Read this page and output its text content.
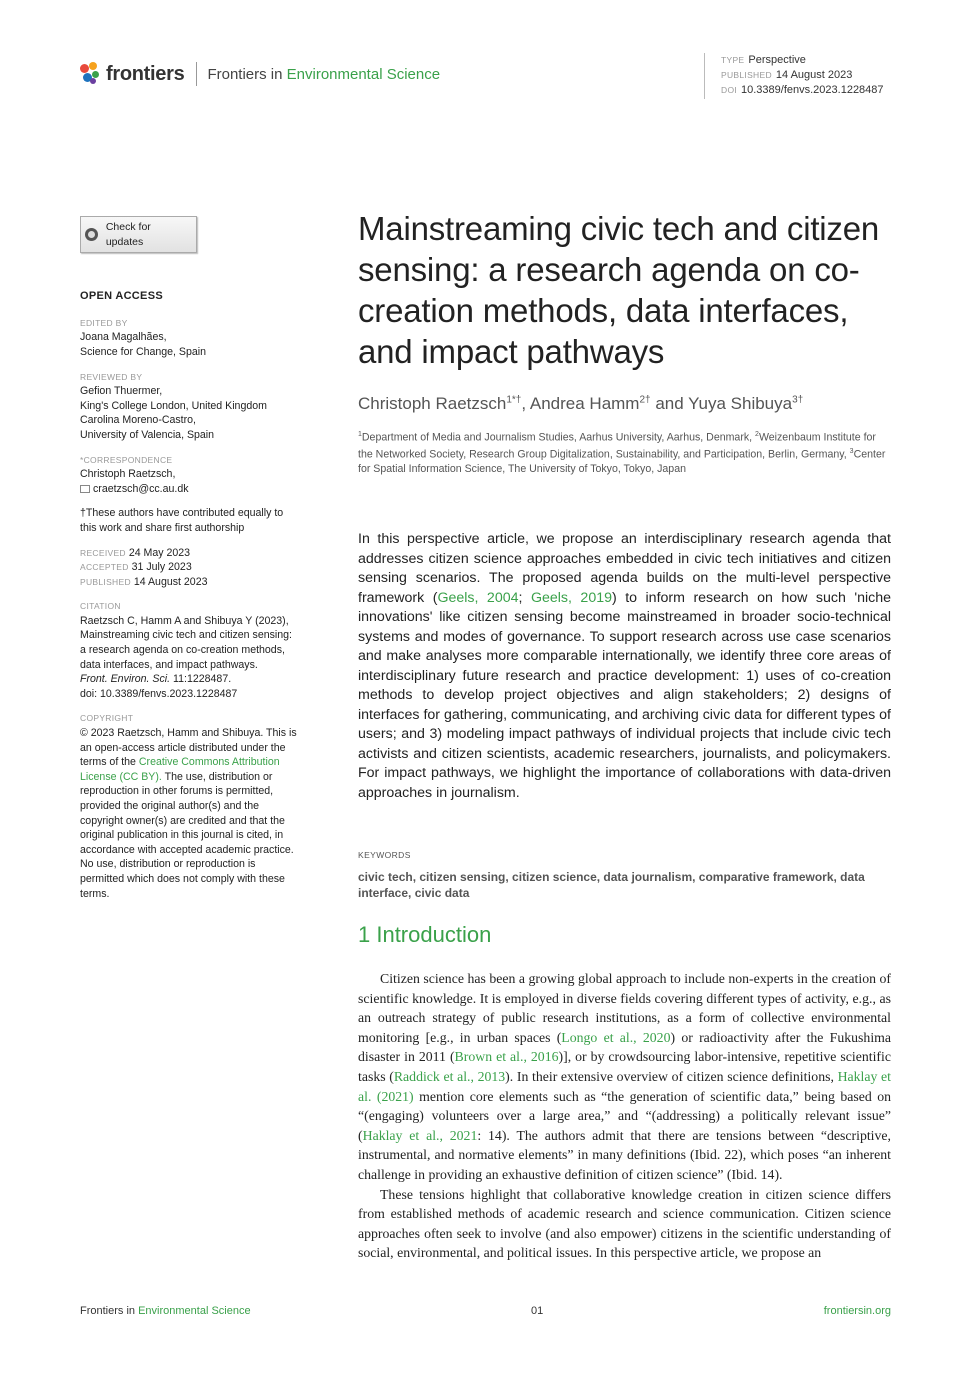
frontiers Frontiers in Environmental Science
TYPE Perspective
PUBLISHED 14 August 2023
DOI 10.3389/fenvs.2023.1228487
Check for updates
OPEN ACCESS
EDITED BY
Joana Magalhães,
Science for Change, Spain
REVIEWED BY
Gefion Thuermer,
King's College London, United Kingdom
Carolina Moreno-Castro,
University of Valencia, Spain
*CORRESPONDENCE
Christoph Raetzsch,
craetzsch@cc.au.dk
†These authors have contributed equally to this work and share first authorship
RECEIVED 24 May 2023
ACCEPTED 31 July 2023
PUBLISHED 14 August 2023
CITATION
Raetzsch C, Hamm A and Shibuya Y (2023), Mainstreaming civic tech and citizen sensing: a research agenda on co-creation methods, data interfaces, and impact pathways.
Front. Environ. Sci. 11:1228487.
doi: 10.3389/fenvs.2023.1228487
COPYRIGHT
© 2023 Raetzsch, Hamm and Shibuya. This is an open-access article distributed under the terms of the Creative Commons Attribution License (CC BY). The use, distribution or reproduction in other forums is permitted, provided the original author(s) and the copyright owner(s) are credited and that the original publication in this journal is cited, in accordance with accepted academic practice. No use, distribution or reproduction is permitted which does not comply with these terms.
Mainstreaming civic tech and citizen sensing: a research agenda on co-creation methods, data interfaces, and impact pathways
Christoph Raetzsch$^{1*\dagger}$, Andrea Hamm$^{2\dagger}$ and Yuya Shibuya$^{3\dagger}$
$^1$Department of Media and Journalism Studies, Aarhus University, Aarhus, Denmark, $^2$Weizenbaum Institute for the Networked Society, Research Group Digitalization, Sustainability, and Participation, Berlin, Germany, $^3$Center for Spatial Information Science, The University of Tokyo, Tokyo, Japan
In this perspective article, we propose an interdisciplinary research agenda that addresses citizen science approaches embedded in civic tech initiatives and citizen sensing scenarios. The proposed agenda builds on the multi-level perspective framework (Geels, 2004; Geels, 2019) to inform research on how such 'niche innovations' like citizen sensing become mainstreamed in broader socio-technical systems and modes of governance. To support research across use case scenarios and make analyses more comparable internationally, we identify three core areas of interdisciplinary future research and practice development: 1) uses of co-creation methods to develop project objectives and align stakeholders; 2) designs of interfaces for gathering, communicating, and archiving civic data for different types of users; and 3) modeling impact pathways of individual projects that include civic tech activists and citizen scientists, academic researchers, journalists, and policymakers. For impact pathways, we highlight the importance of collaborations with data-driven approaches in journalism.
KEYWORDS
civic tech, citizen sensing, citizen science, data journalism, comparative framework, data interface, civic data
1 Introduction

Citizen science has been a growing global approach to include non-experts in the creation of scientific knowledge. It is employed in diverse fields covering different types of activity, e.g., as an outreach strategy of public research institutions, as a form of collective environmental monitoring [e.g., in urban spaces (Longo et al., 2020) or radioactivity after the Fukushima disaster in 2011 (Brown et al., 2016)], or by crowdsourcing labor-intensive, repetitive scientific tasks (Raddick et al., 2013). In their extensive overview of citizen science definitions, Haklay et al. (2021) mention core elements such as “the generation of scientific data,” being based on “(engaging) volunteers over a large area,” and “(addressing) a politically relevant issue” (Haklay et al., 2021: 14). The authors admit that there are tensions between “descriptive, instrumental, and normative elements” in many definitions (Ibid. 22), which poses “an inherent challenge in providing an exhaustive definition of citizen science” (Ibid. 14).

These tensions highlight that collaborative knowledge creation in citizen science differs from established methods of academic research and science communication. Citizen science approaches often seek to involve (and also empower) citizens in the scientific understanding of social, environmental, and political issues. In this perspective article, we propose an

Frontiers in Environmental Science	01	frontiersin.org
